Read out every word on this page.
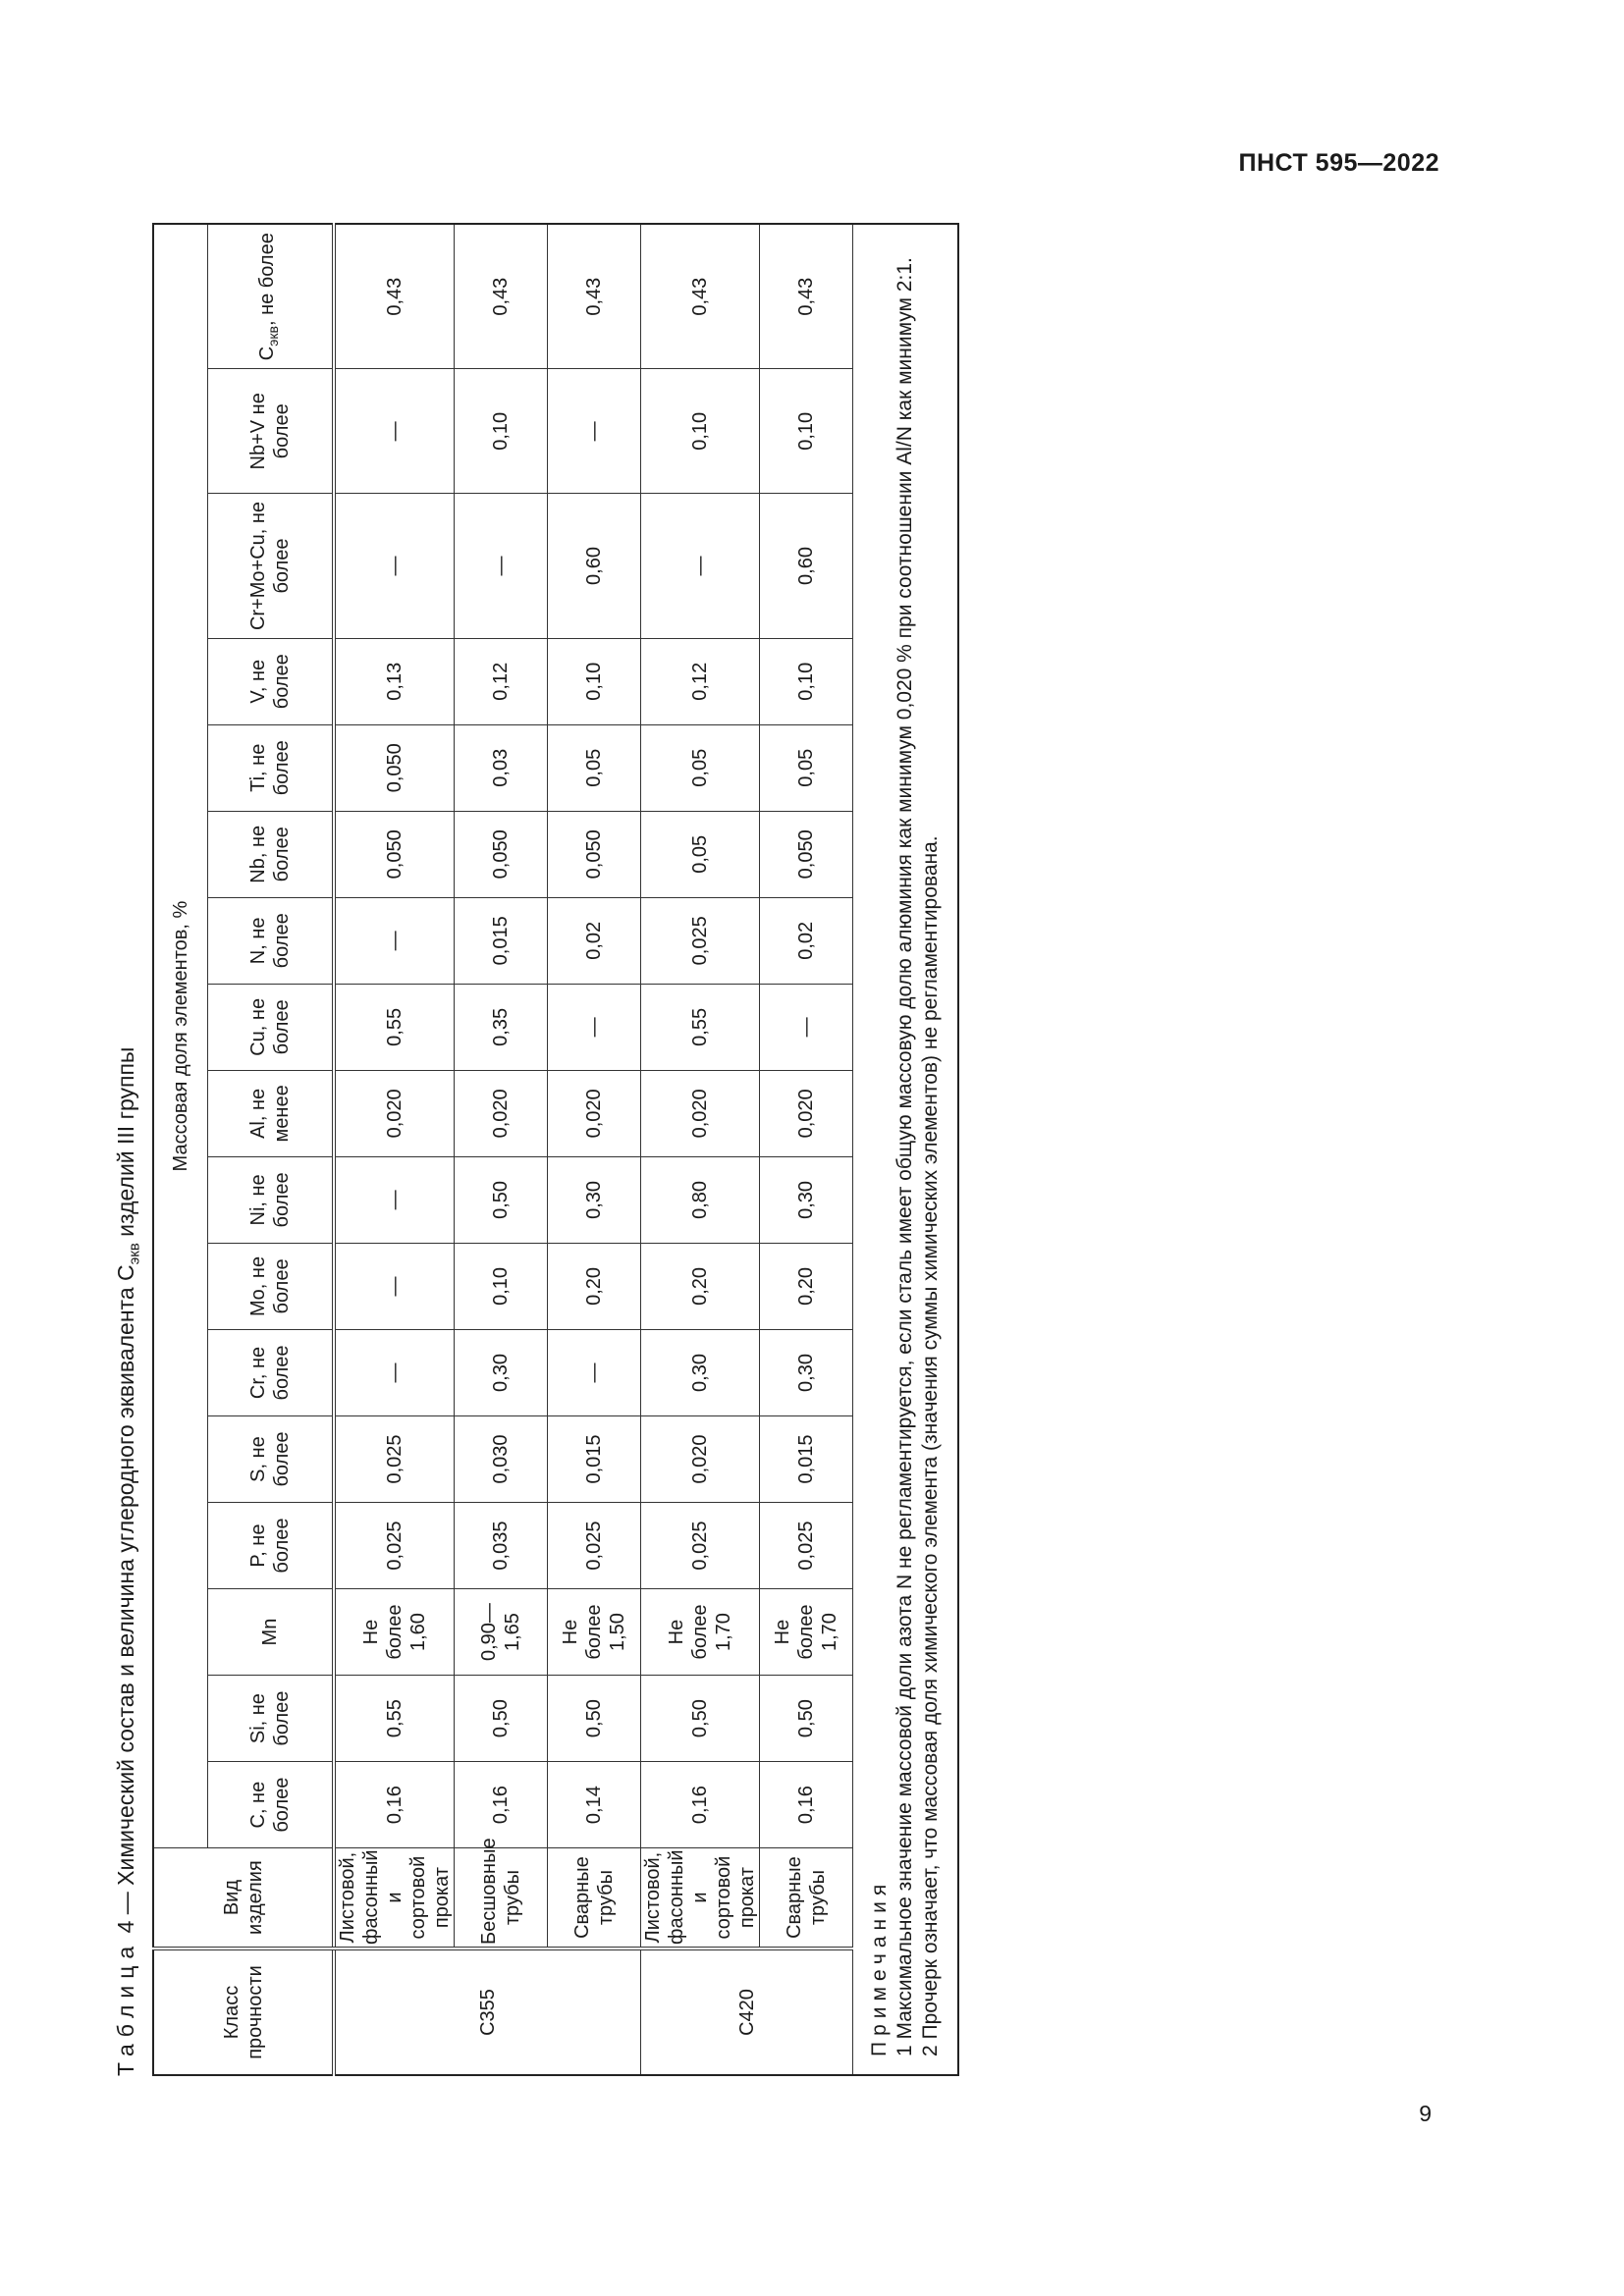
ПНСТ 595—2022
Таблица 4 — Химический состав и величина углеродного эквивалента $С_{экв}$ изделий III группы
Класс прочности	Вид изделия	Массовая доля элементов, %																
		C, не более	Si, не более	Mn	P, не более	S, не более	Cr, не более	Mo, не более	Ni, не более	Al, не менее	Cu, не более	N, не более	Nb, не более	Ti, не более	V, не более	Cr+Mo+Cu, не более	Nb+V не более	$C_{экв}$, не более
С355	Листовой, фасонный и сортовой прокат	0,16	0,55	Не более 1,60	0,025	0,025	—	—	—	0,020	0,55	—	0,050	0,050	0,13	—	—	0,43
	Бесшовные трубы	0,16	0,50	0,90—1,65	0,035	0,030	0,30	0,10	0,50	0,020	0,35	0,015	0,050	0,03	0,12	—	0,10	0,43
	Сварные трубы	0,14	0,50	Не более 1,50	0,025	0,015	—	0,20	0,30	0,020	—	0,02	0,050	0,05	0,10	0,60	—	0,43
С420	Листовой, фасонный и сортовой прокат	0,16	0,50	Не более 1,70	0,025	0,020	0,30	0,20	0,80	0,020	0,55	0,025	0,05	0,05	0,12	—	0,10	0,43
	Сварные трубы	0,16	0,50	Не более 1,70	0,025	0,015	0,30	0,20	0,30	0,020	—	0,02	0,050	0,05	0,10	0,60	0,10	0,43

Примечания 1 Максимальное значение массовой доли азота N не регламентируется, если сталь имеет общую массовую долю алюминия как минимум 0,020 % при соотношении Al/N как минимум 2:1. 2 Прочерк означает, что массовая доля химического элемента (значения суммы химических элементов) не регламентирована.																		
9
